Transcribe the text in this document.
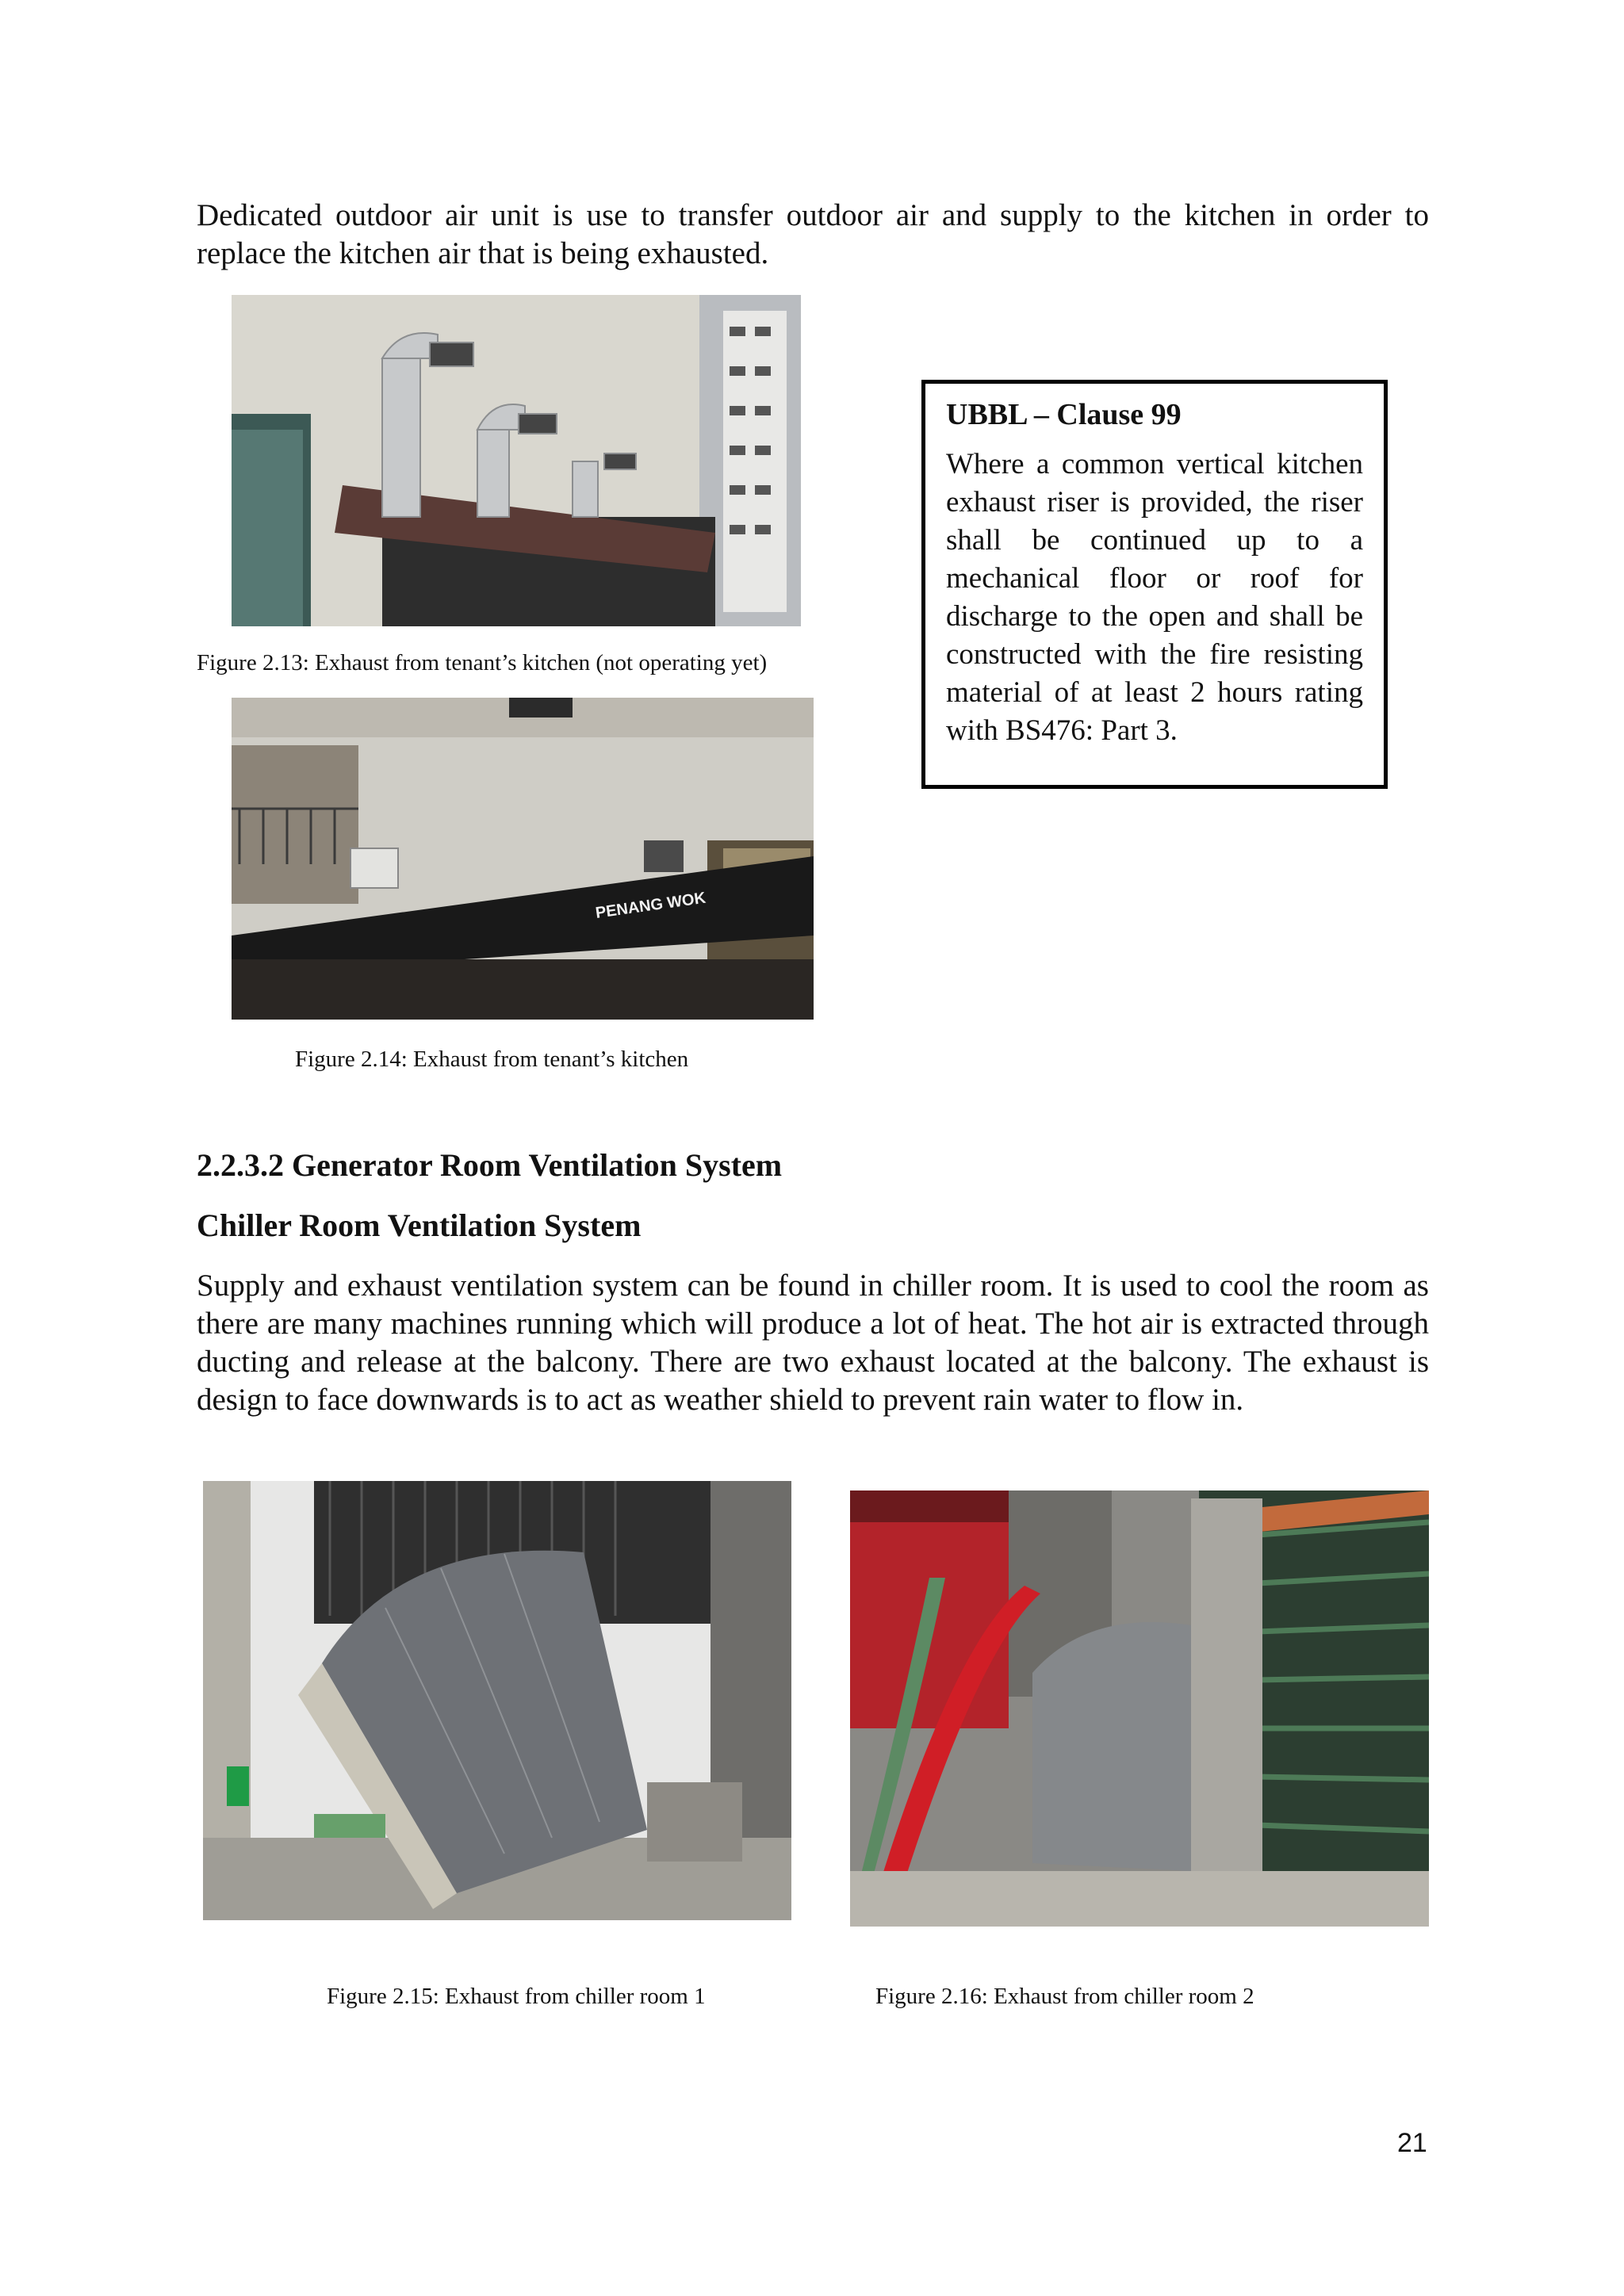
Dedicated outdoor air unit is use to transfer outdoor air and supply to the kitchen in order to replace the kitchen air that is being exhausted.
Figure 2.13: Exhaust from tenant’s kitchen (not operating yet)
PENANG WOK
Figure 2.14: Exhaust from tenant’s kitchen
UBBL – Clause 99
Where a common vertical kitchen exhaust riser is provided, the riser shall be continued up to a mechanical floor or roof for discharge to the open and shall be constructed with the fire resisting material of at least 2 hours rating with BS476: Part 3.
2.2.3.2 Generator Room Ventilation System
Chiller Room Ventilation System
Supply and exhaust ventilation system can be found in chiller room. It is used to cool the room as there are many machines running which will produce a lot of heat. The hot air is extracted through ducting and release at the balcony. There are two exhaust located at the balcony. The exhaust is design to face downwards is to act as weather shield to prevent rain water to flow in.
Figure 2.15: Exhaust from chiller room 1	Figure 2.16: Exhaust from chiller room 2
21
